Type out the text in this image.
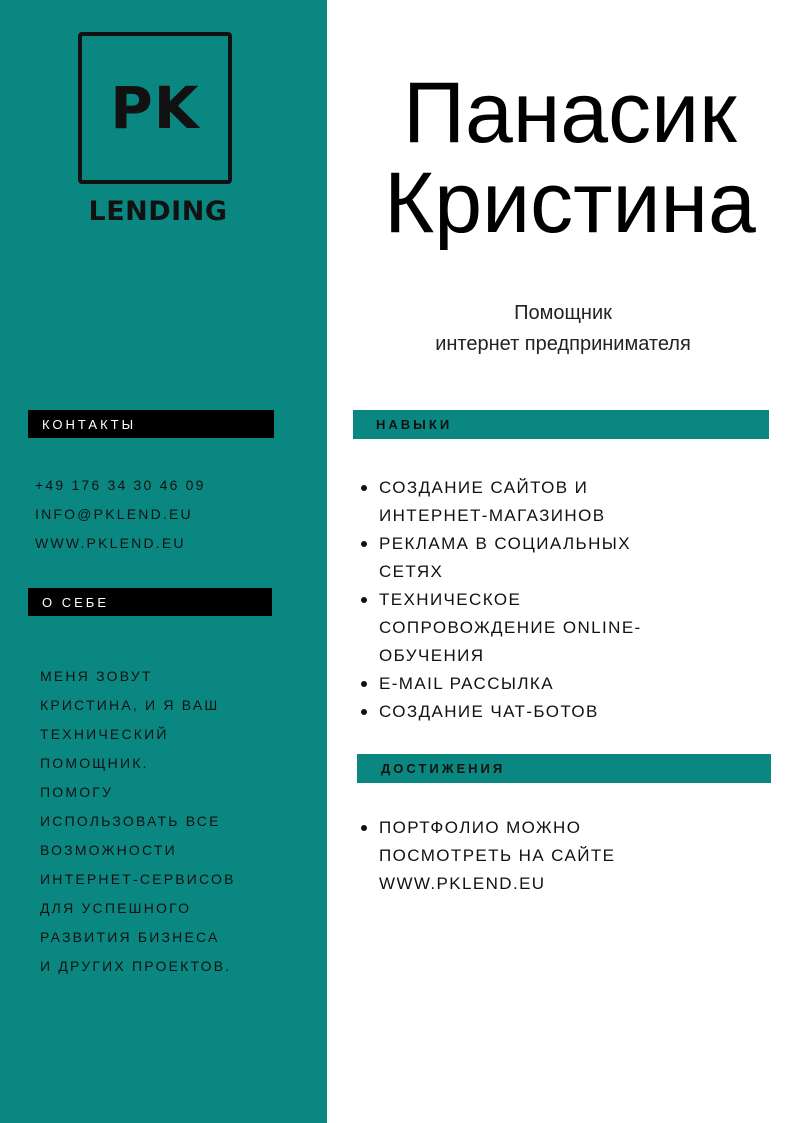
PK
LENDING
КОНТАКТЫ
+49 176 34 30 46 09
INFO@PKLEND.EU
WWW.PKLEND.EU
О СЕБЕ
МЕНЯ ЗОВУТ
КРИСТИНА, И Я ВАШ
ТЕХНИЧЕСКИЙ
ПОМОЩНИК.
ПОМОГУ
ИСПОЛЬЗОВАТЬ ВСЕ
ВОЗМОЖНОСТИ
ИНТЕРНЕТ-СЕРВИСОВ
ДЛЯ УСПЕШНОГО
РАЗВИТИЯ БИЗНЕСА
И ДРУГИХ ПРОЕКТОВ.
Панасик
Кристина

Помощник
интернет предпринимателя

НАВЫКИ
СОЗДАНИЕ САЙТОВ И
ИНТЕРНЕТ-МАГАЗИНОВ
РЕКЛАМА В СОЦИАЛЬНЫХ
СЕТЯХ
ТЕХНИЧЕСКОЕ
СОПРОВОЖДЕНИЕ ONLINE-
ОБУЧЕНИЯ
E-MAIL РАССЫЛКА
СОЗДАНИЕ ЧАТ-БОТОВ
ДОСТИЖЕНИЯ
ПОРТФОЛИО МОЖНО
ПОСМОТРЕТЬ НА САЙТЕ
WWW.PKLEND.EU
